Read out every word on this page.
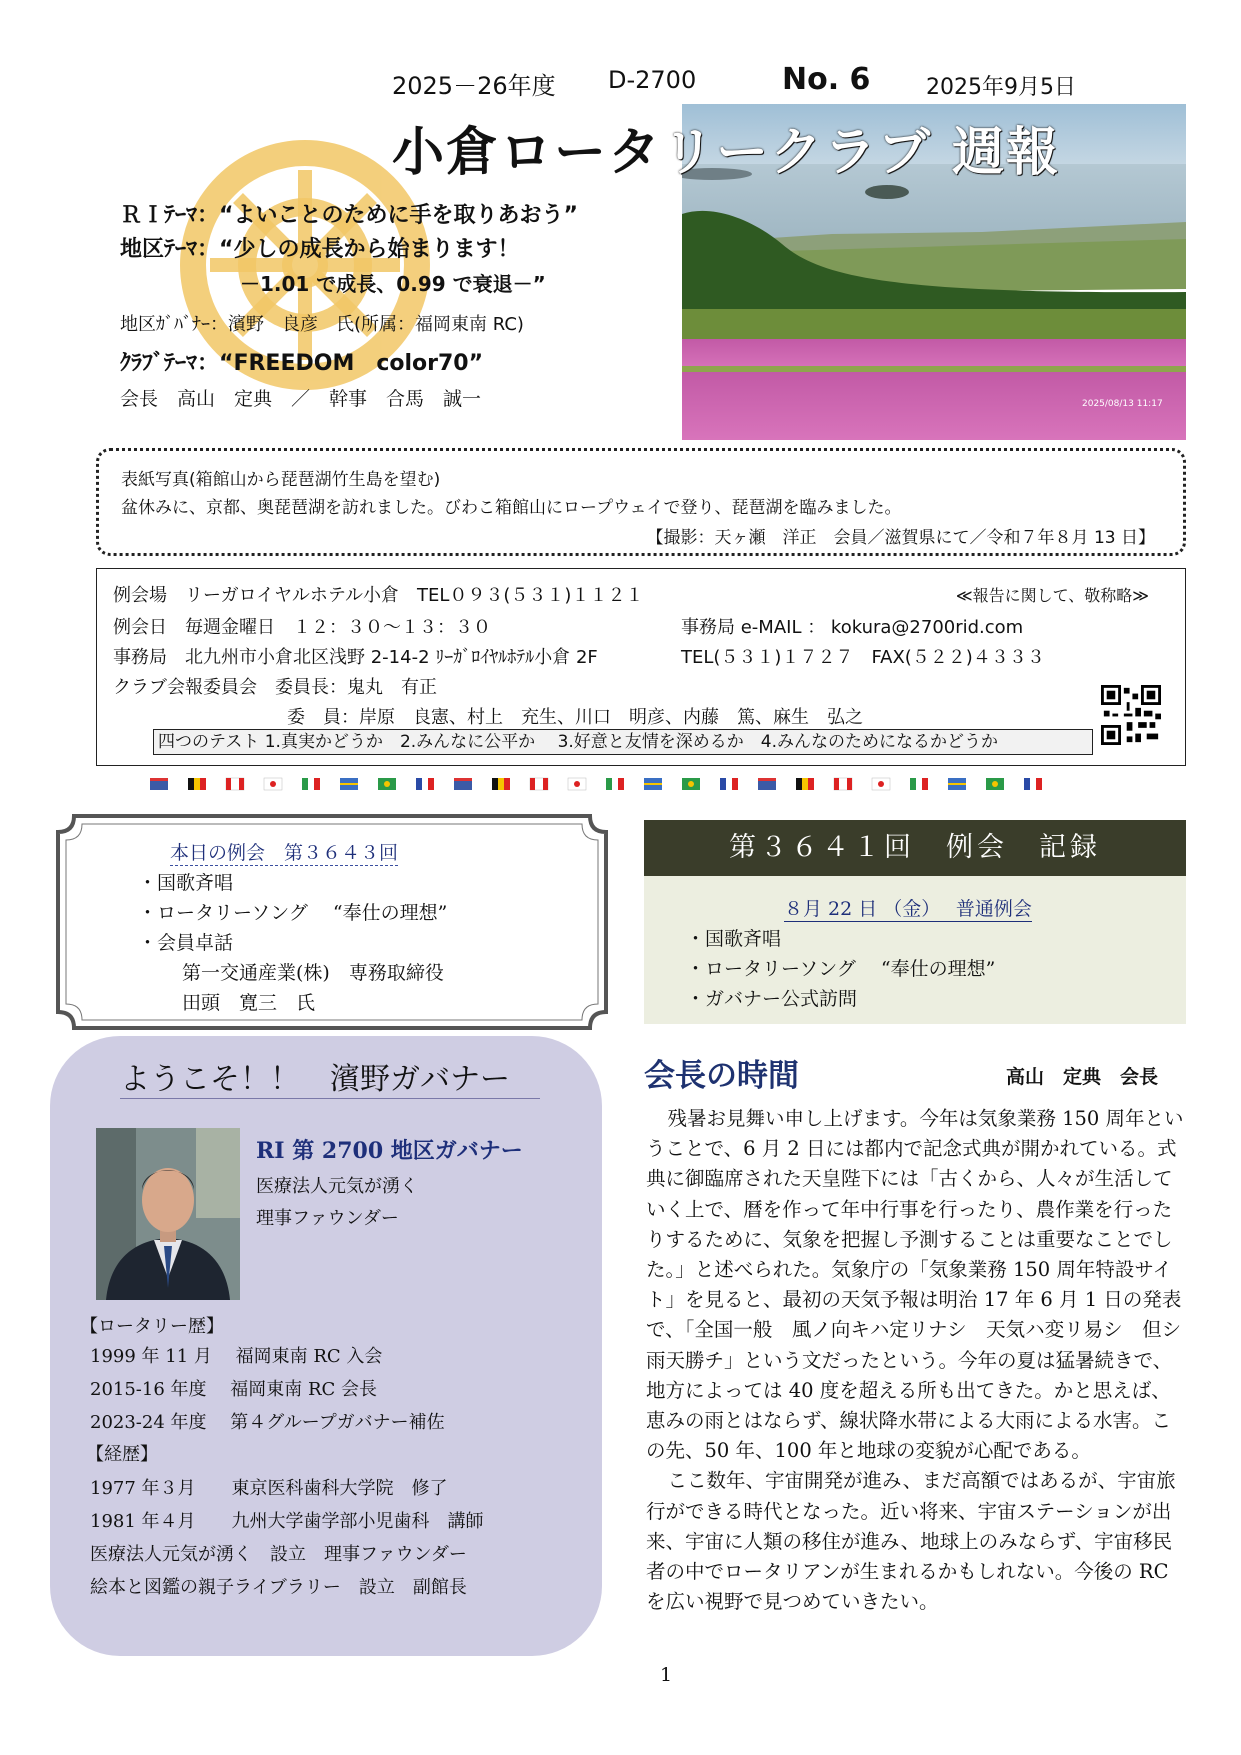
2025－26年度 D-2700	No. 6	2025年9月5日
2025/08/13 11:17
小倉ロータリークラブ 週報
ＲＩﾃｰﾏ：“よいことのために手を取りあおう”
地区ﾃｰﾏ：“少しの成長から始まります！
－1.01 で成長、0.99 で衰退－”
地区ｶﾞﾊﾞﾅｰ：濱野　良彦　氏(所属：福岡東南 RC)
ｸﾗﾌﾞﾃｰﾏ：“FREEDOM　color70”
会長　高山　定典　／　幹事　合馬　誠一
表紙写真(箱館山から琵琶湖竹生島を望む)
盆休みに、京都、奥琵琶湖を訪れました。びわこ箱館山にロープウェイで登り、琵琶湖を臨みました。
【撮影：天ヶ瀬　洋正　会員／滋賀県にて／令和７年８月 13 日】
例会場　リーガロイヤルホテル小倉　TEL０９３(５３１)１１２１	≪報告に関して、敬称略≫
例会日　毎週金曜日　１２：３０～１３：３０	事務局 e-MAIL ： kokura@2700rid.com
事務局　北九州市小倉北区浅野 2-14-2 ﾘｰｶﾞﾛｲﾔﾙﾎﾃﾙ小倉 2F	TEL(５３１)１７２７　FAX(５２２)４３３３
クラブ会報委員会　委員長：鬼丸　有正
委　員：岸原　良憲、村上　充生、川口　明彦、内藤　篤、麻生　弘之
四つのテスト 1.真実かどうか　2.みんなに公平か　 3.好意と友情を深めるか　4.みんなのためになるかどうか
本日の例会　第３６４３回
・国歌斉唱
・ロータリーソング　 “奉仕の理想”
・会員卓話
第一交通産業(株)　専務取締役
田頭　寛三　氏
第３６４１回　例会　記録
８月 22 日 （金）　 普通例会
・国歌斉唱
・ロータリーソング　 “奉仕の理想”
・ガバナー公式訪問
ようこそ！！　濱野ガバナー
RI 第 2700 地区ガバナー
医療法人元気が湧く
理事ファウンダー
【ロータリー歴】
1999 年 11 月　 福岡東南 RC 入会
2015-16 年度　 福岡東南 RC 会長
2023-24 年度　 第４グループガバナー補佐
【経歴】
1977 年３月　　東京医科歯科大学院　修了
1981 年４月　　九州大学歯学部小児歯科　講師
医療法人元気が湧く　設立　理事ファウンダー
絵本と図鑑の親子ライブラリー　設立　副館長
会長の時間	高山　定典　会長

残暑お見舞い申し上げます。今年は気象業務 150 周年ということで、6 月 2 日には都内で記念式典が開かれている。式典に御臨席された天皇陛下には「古くから、人々が生活していく上で、暦を作って年中行事を行ったり、農作業を行ったりするために、気象を把握し予測することは重要なことでした。」と述べられた。気象庁の「気象業務 150 周年特設サイト」を見ると、最初の天気予報は明治 17 年 6 月 1 日の発表で、「全国一般　風ノ向キハ定リナシ　天気ハ変リ易シ　但シ雨天勝チ」という文だったという。今年の夏は猛暑続きで、地方によっては 40 度を超える所も出てきた。かと思えば、恵みの雨とはならず、線状降水帯による大雨による水害。この先、50 年、100 年と地球の変貌が心配である。

ここ数年、宇宙開発が進み、まだ高額ではあるが、宇宙旅行ができる時代となった。近い将来、宇宙ステーションが出来、宇宙に人類の移住が進み、地球上のみならず、宇宙移民者の中でロータリアンが生まれるかもしれない。今後の RC を広い視野で見つめていきたい。

1
